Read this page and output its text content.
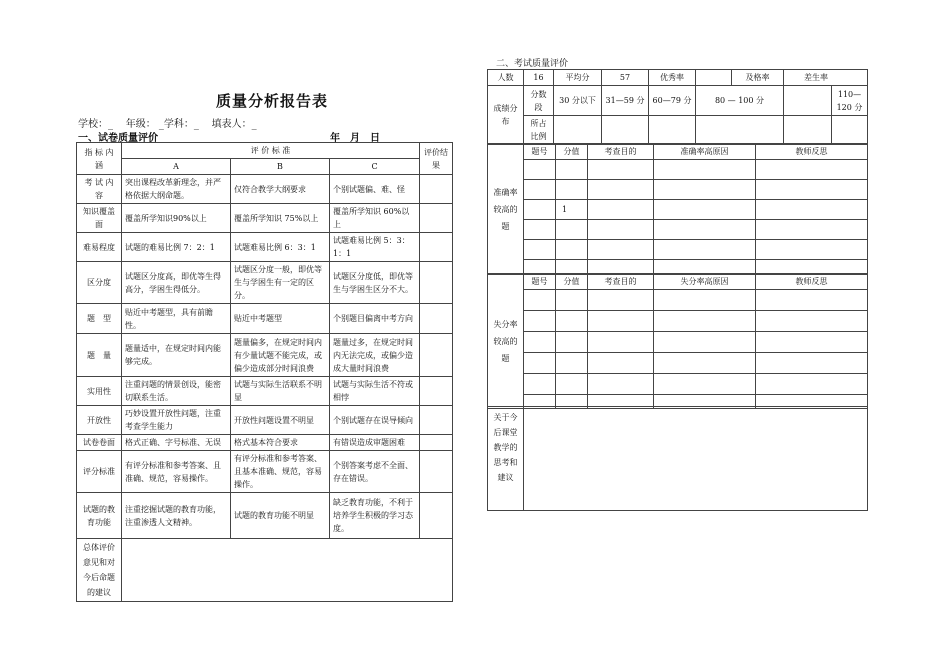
质量分析报告表
学校：_ 年级： _学科：_ 填表人：_
一、试卷质量评价	年　月　日
指 标 内 涵	评 价 标 准			评价结果
	A	B	C	
考 试 内 容	突出课程改革新理念，并严格依据大纲命题。	仅符合教学大纲要求	个别试题偏、难、怪	
知识覆盖面	覆盖所学知识90%以上	覆盖所学知识 75%以上	覆盖所学知识 60%以上	
难易程度	试题的难易比例 7：2：1	试题难易比例 6：3：1	试题难易比例 5：3：1：1	
区分度	试题区分度高，即优等生得高分，学困生得低分。	试题区分度一般，即优等生与学困生有一定的区分。	试题区分度低，即优等生与学困生区分不大。	
题　型	贴近中考题型，具有前瞻性。	贴近中考题型	个别题目偏离中考方向	
题　量	题量适中，在规定时间内能够完成。	题量偏多，在规定时间内有少量试题不能完成，或偏少造成部分时间浪费	题量过多，在规定时间内无法完成，或偏少造成大量时间浪费	
实用性	注重问题的情景创设，能密切联系生活。	试题与实际生活联系不明显	试题与实际生活不符或相悖	
开放性	巧妙设置开放性问题，注重考查学生能力	开放性问题设置不明显	个别试题存在误导倾向	
试卷卷面	格式正确、字号标准、无误	格式基本符合要求	有错误造成审题困难	
评分标准	有评分标准和参考答案、且准确、规范，容易操作。	有评分标准和参考答案、且基本准确、规范，容易操作。	个别答案考虑不全面、存在错误。	
试题的教育功能	注重挖掘试题的教育功能，注重渗透人文精神。	试题的教育功能不明显	缺乏教育功能，不利于培养学生积极的学习态度。	
总体评价意见和对今后命题的建议				
二、考试质量评价
人数	16	平均分	57	优秀率		及格率	差生率	
成绩分布	分数段	30 分以下	31—59 分	60—79 分	80 — 100 分			110—120 分
	所占比例							
准确率较高的题	题号	分值	考查目的	准确率高原因	教师反思

		1			

失分率较高的题	题号	分值	考查目的	失分率高原因	教师反思

关于今后课堂教学的思考和建议	
